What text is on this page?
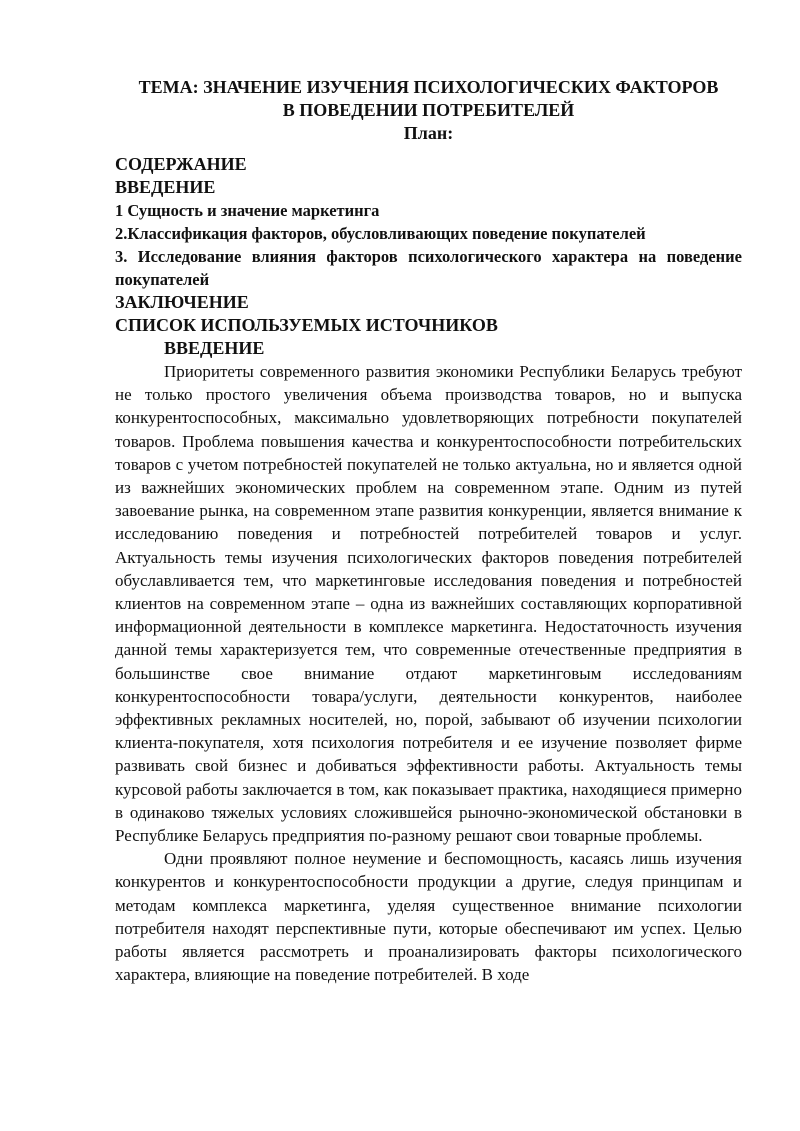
ТЕМА: ЗНАЧЕНИЕ ИЗУЧЕНИЯ ПСИХОЛОГИЧЕСКИХ ФАКТОРОВ
В ПОВЕДЕНИИ ПОТРЕБИТЕЛЕЙ

План:

СОДЕРЖАНИЕ
ВВЕДЕНИЕ
1 Сущность и значение маркетинга
2.Классификация факторов, обусловливающих поведение покупателей
3. Исследование влияния факторов психологического характера на поведение покупателей
ЗАКЛЮЧЕНИЕ
СПИСОК ИСПОЛЬЗУЕМЫХ ИСТОЧНИКОВ

ВВЕДЕНИЕ

Приоритеты современного развития экономики Республики Беларусь требуют не только простого увеличения объема производства товаров, но и выпуска конкурентоспособных, максимально удовлетворяющих потребности покупателей товаров. Проблема повышения качества и конкурентоспособности потребительских товаров с учетом потребностей покупателей не только актуальна, но и является одной из важнейших экономических проблем на современном этапе. Одним из путей завоевание рынка, на современном этапе развития конкуренции, является внимание к исследованию поведения и потребностей потребителей товаров и услуг. Актуальность темы изучения психологических факторов поведения потребителей обуславливается тем, что маркетинговые исследования поведения и потребностей клиентов на современном этапе – одна из важнейших составляющих корпоративной информационной деятельности в комплексе маркетинга. Недостаточность изучения данной темы характеризуется тем, что современные отечественные предприятия в большинстве свое внимание отдают маркетинговым исследованиям конкурентоспособности товара/услуги, деятельности конкурентов, наиболее эффективных рекламных носителей, но, порой, забывают об изучении психологии клиента-покупателя, хотя психология потребителя и ее изучение позволяет фирме развивать свой бизнес и добиваться эффективности работы. Актуальность темы курсовой работы заключается в том, как показывает практика, находящиеся примерно в одинаково тяжелых условиях сложившейся рыночно-экономической обстановки в Республике Беларусь предприятия по-разному решают свои товарные проблемы.

Одни проявляют полное неумение и беспомощность, касаясь лишь изучения конкурентов и конкурентоспособности продукции а другие, следуя принципам и методам комплекса маркетинга, уделяя существенное внимание психологии потребителя находят перспективные пути, которые обеспечивают им успех. Целью работы является рассмотреть и проанализировать факторы психологического характера, влияющие на поведение потребителей. В ходе
